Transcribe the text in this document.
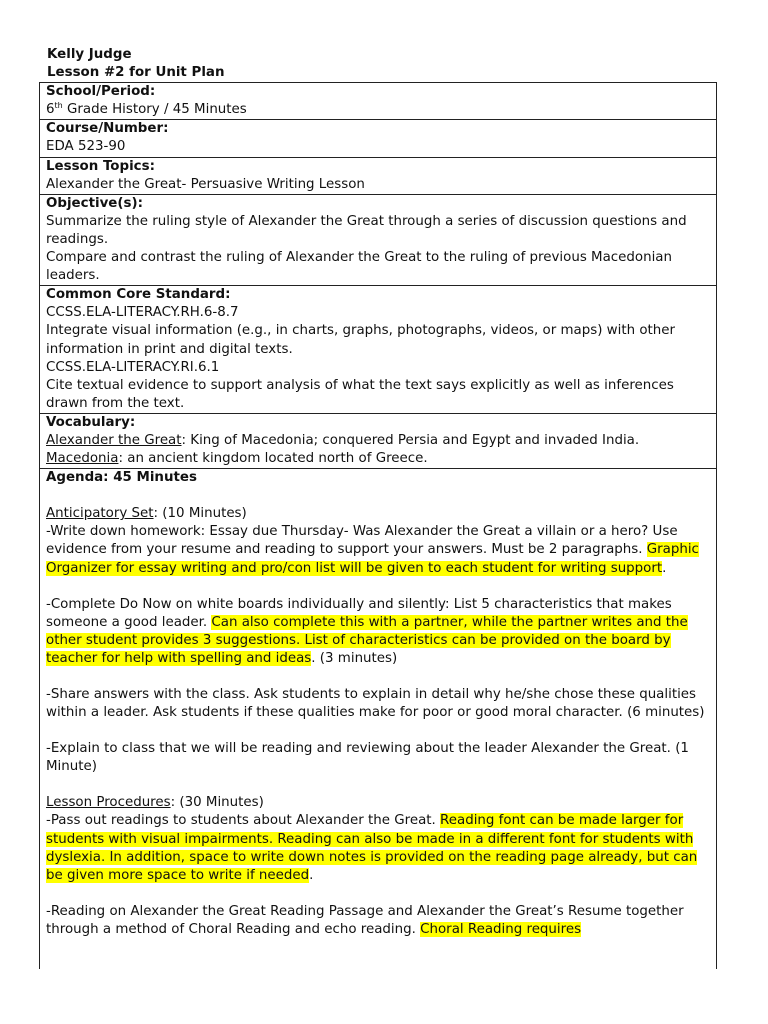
Kelly Judge
Lesson #2 for Unit Plan
School/Period:
6th Grade History / 45 Minutes

Course/Number:
EDA 523-90

Lesson Topics:
Alexander the Great- Persuasive Writing Lesson

Objective(s):

Summarize the ruling style of Alexander the Great through a series of discussion questions and readings.

Compare and contrast the ruling of Alexander the Great to the ruling of previous Macedonian leaders.

Common Core Standard:

CCSS.ELA-LITERACY.RH.6-8.7

Integrate visual information (e.g., in charts, graphs, photographs, videos, or maps) with other information in print and digital texts.

CCSS.ELA-LITERACY.RI.6.1

Cite textual evidence to support analysis of what the text says explicitly as well as inferences drawn from the text.

Vocabulary:

Alexander the Great: King of Macedonia; conquered Persia and Egypt and invaded India.

Macedonia: an ancient kingdom located north of Greece.

Agenda: 45 Minutes

Anticipatory Set: (10 Minutes)

-Write down homework: Essay due Thursday- Was Alexander the Great a villain or a hero? Use evidence from your resume and reading to support your answers. Must be 2 paragraphs. Graphic Organizer for essay writing and pro/con list will be given to each student for writing support.

-Complete Do Now on white boards individually and silently: List 5 characteristics that makes someone a good leader. Can also complete this with a partner, while the partner writes and the other student provides 3 suggestions. List of characteristics can be provided on the board by teacher for help with spelling and ideas. (3 minutes)

-Share answers with the class. Ask students to explain in detail why he/she chose these qualities within a leader. Ask students if these qualities make for poor or good moral character. (6 minutes)

-Explain to class that we will be reading and reviewing about the leader Alexander the Great. (1 Minute)

Lesson Procedures: (30 Minutes)

-Pass out readings to students about Alexander the Great. Reading font can be made larger for students with visual impairments. Reading can also be made in a different font for students with dyslexia. In addition, space to write down notes is provided on the reading page already, but can be given more space to write if needed.

-Reading on Alexander the Great Reading Passage and Alexander the Great’s Resume together through a method of Choral Reading and echo reading. Choral Reading requires
